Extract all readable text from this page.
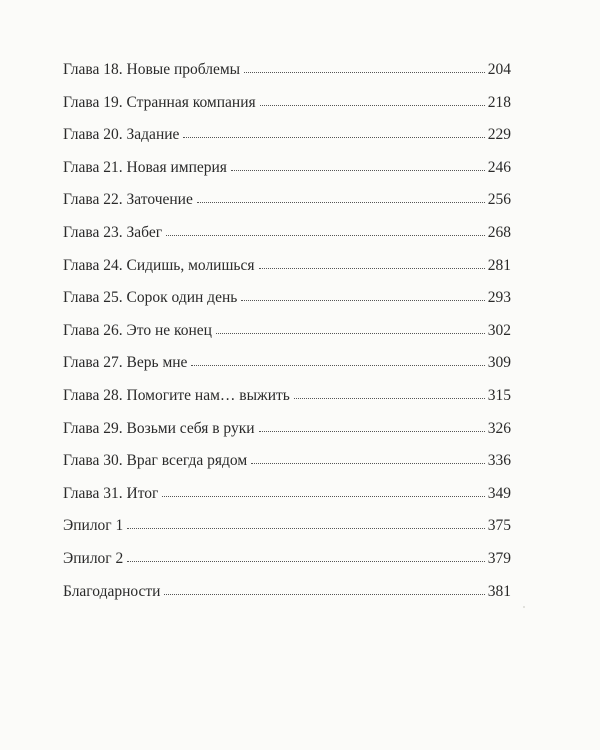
Глава 18. Новые проблемы	204
Глава 19. Странная компания	218
Глава 20. Задание	229
Глава 21. Новая империя	246
Глава 22. Заточение	256
Глава 23. Забег	268
Глава 24. Сидишь, молишься	281
Глава 25. Сорок один день	293
Глава 26. Это не конец	302
Глава 27. Верь мне	309
Глава 28. Помогите нам… выжить	315
Глава 29. Возьми себя в руки	326
Глава 30. Враг всегда рядом	336
Глава 31. Итог	349
Эпилог 1	375
Эпилог 2	379
Благодарности	381
